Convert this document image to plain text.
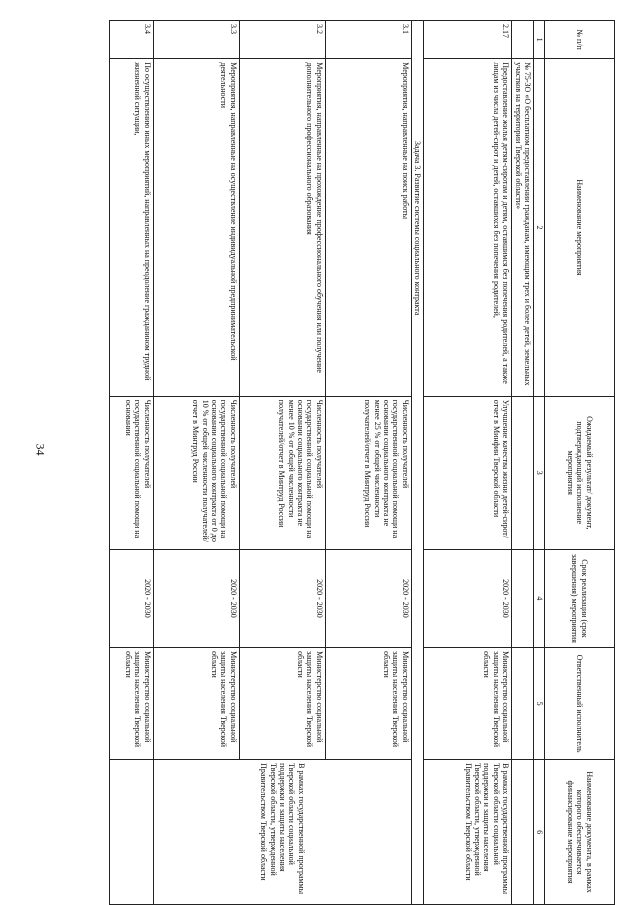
34
№ п/п	Наименование мероприятия	Ожидаемый результат/ документ, подтверждающий исполнение мероприятия	Срок реализации (срок завершения) мероприятия	Ответственный исполнитель	Наименование документа, в рамках которого обеспечивается финансирование мероприятия
1	2	3	4	5	6
	№ 75-ЗО «О бесплатном предоставлении гражданам, имеющим трех и более детей, земельных участков на территории Тверской области»				
2.17	Предоставление жилья детям-сиротам и детям, оставшимся без попечения родителей, а также лицам из числа детей-сирот и детей, оставшихся без попечения родителей,	Улучшение качества жизни детей-сирот/отчет в Минфин Тверской области	2020 - 2030	Министерство социальной защиты населения Тверской области	В рамках государственной программы Тверской области социальной поддержки и защиты населения Тверской области, утвержденной Правительством Тверской области
Задача 3. Развитие системы социального контракта					
3.1	Мероприятия, направленные на поиск работы	Численность получателей государственной социальной помощи на основании социального контракта не менее 25 % от общей численности получателей/отчет в Минтруд России	2020 - 2030	Министерство социальной защиты населения Тверской области	В рамках государственной программы Тверской области социальной поддержки и защиты населения Тверской области, утвержденной Правительством Тверской области
3.2	Мероприятия, направленные на прохождение профессионального обучения или получение дополнительного профессионального образования	Численность получателей государственной социальной помощи на основании социального контракта не менее 10 % от общей численности получателей/отчет в Минтруд России	2020 - 2030	Министерство социальной защиты населения Тверской области	
3.3	Мероприятия, направленные на осуществление индивидуальной предпринимательской деятельности	Численность получателей государственной социальной помощи на основании социального контракта от 0 до 10 % от общей численности получателей/отчет в Минтруд России	2020 - 2030	Министерство социальной защиты населения Тверской области	
3.4	По осуществлению иных мероприятий, направленных на преодоление гражданином трудной жизненной ситуации,	Численность получателей государственной социальной помощи на основании	2020 - 2030	Министерство социальной защиты населения Тверской области	
